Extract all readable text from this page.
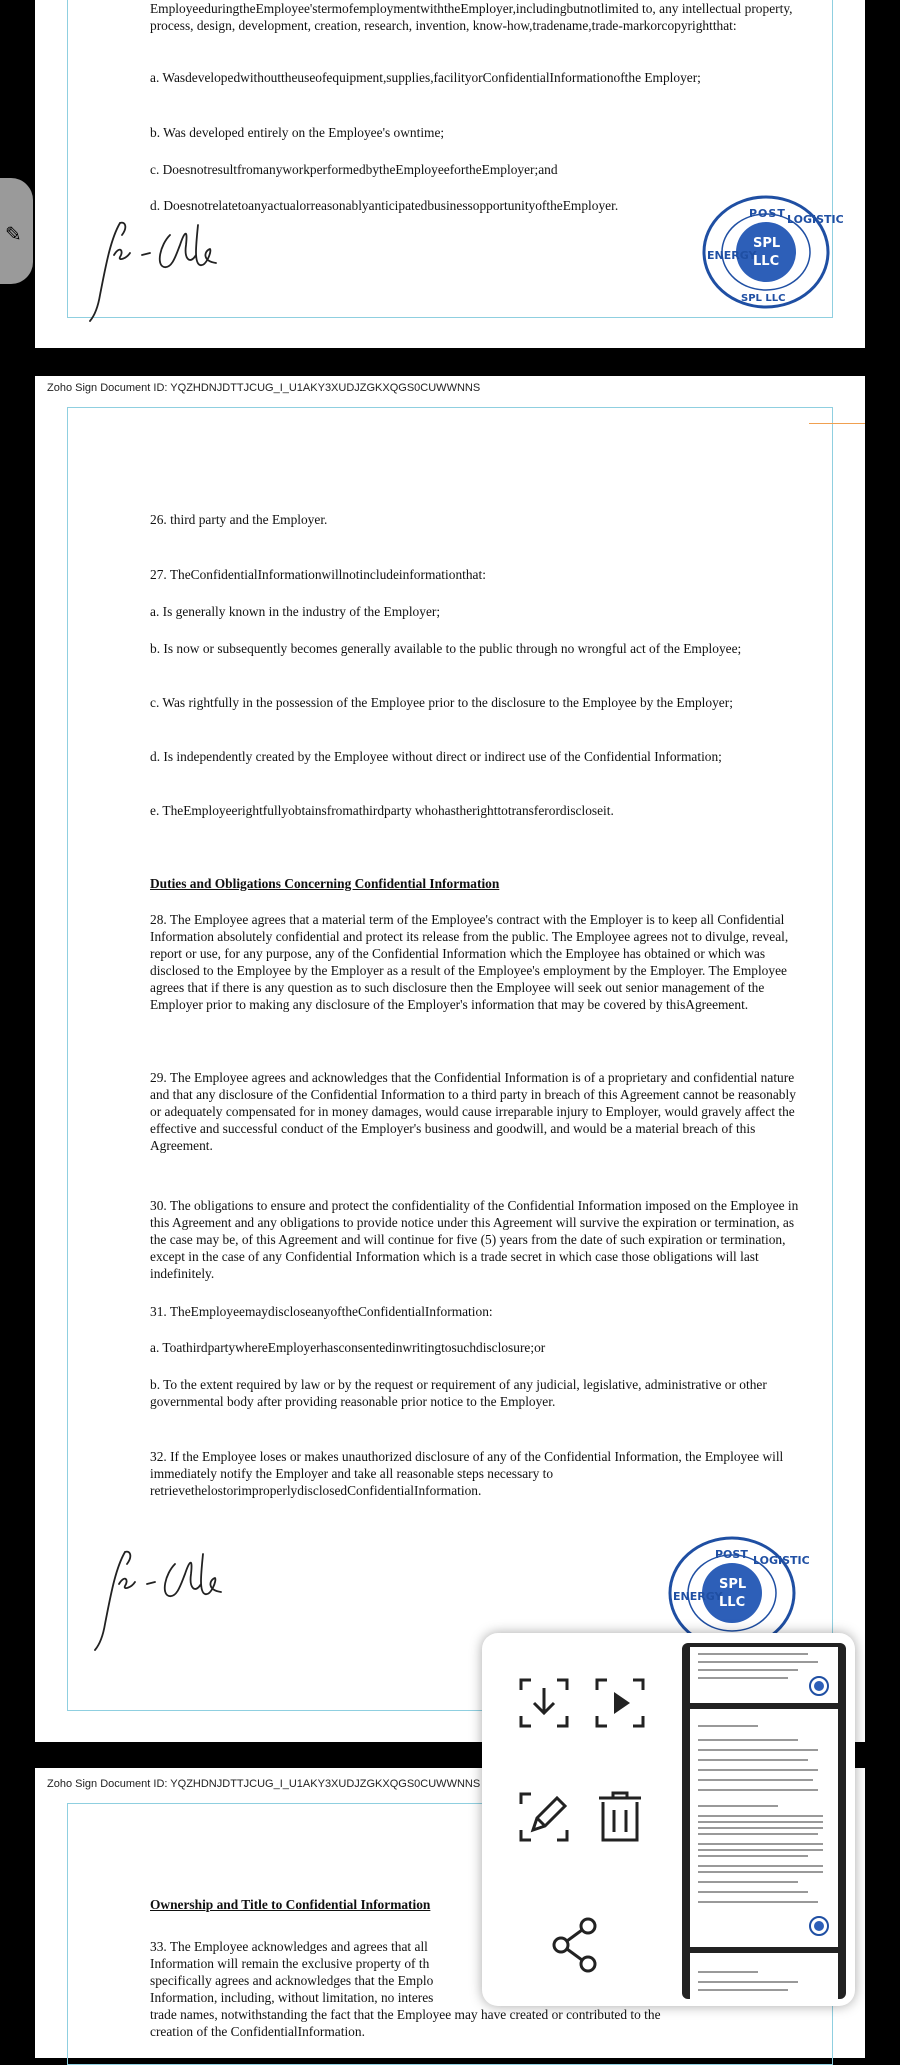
EmployeeduringtheEmployee'stermofemploymentwiththeEmployer,includingbutnotlimited to, any intellectual property, process, design, development, creation, research, invention, know-how,tradename,trade-markorcopyrightthat:

a. Wasdevelopedwithouttheuseofequipment,supplies,facilityorConfidentialInformationofthe Employer;

b. Was developed entirely on the Employee's owntime;

c. DoesnotresultfromanyworkperformedbytheEmployeefortheEmployer;and

d. DoesnotrelatetoanyactualorreasonablyanticipatedbusinessopportunityoftheEmployer.

POST LOGISTIC
ENERGY
SPL LLC
SPL
LLC
✎
Zoho Sign Document ID: YQZHDNJDTTJCUG_I_U1AKY3XUDJZGKXQGS0CUWWNNS

26. third party and the Employer.

27. TheConfidentialInformationwillnotincludeinformationthat:

a. Is generally known in the industry of the Employer;

b. Is now or subsequently becomes generally available to the public through no wrongful act of the Employee;

c. Was rightfully in the possession of the Employee prior to the disclosure to the Employee by the Employer;

d. Is independently created by the Employee without direct or indirect use of the Confidential Information;

e. TheEmployeerightfullyobtainsfromathirdparty whohastherighttotransferordiscloseit.

Duties and Obligations Concerning Confidential Information

28. The Employee agrees that a material term of the Employee's contract with the Employer is to keep all Confidential Information absolutely confidential and protect its release from the public. The Employee agrees not to divulge, reveal, report or use, for any purpose, any of the Confidential Information which the Employee has obtained or which was disclosed to the Employee by the Employer as a result of the Employee's employment by the Employer. The Employee agrees that if there is any question as to such disclosure then the Employee will seek out senior management of the Employer prior to making any disclosure of the Employer's information that may be covered by thisAgreement.

29. The Employee agrees and acknowledges that the Confidential Information is of a proprietary and confidential nature and that any disclosure of the Confidential Information to a third party in breach of this Agreement cannot be reasonably or adequately compensated for in money damages, would cause irreparable injury to Employer, would gravely affect the effective and successful conduct of the Employer's business and goodwill, and would be a material breach of this Agreement.

30. The obligations to ensure and protect the confidentiality of the Confidential Information imposed on the Employee in this Agreement and any obligations to provide notice under this Agreement will survive the expiration or termination, as the case may be, of this Agreement and will continue for five (5) years from the date of such expiration or termination, except in the case of any Confidential Information which is a trade secret in which case those obligations will last indefinitely.

31. TheEmployeemaydiscloseanyoftheConfidentialInformation:

a. ToathirdpartywhereEmployerhasconsentedinwritingtosuchdisclosure;or

b. To the extent required by law or by the request or requirement of any judicial, legislative, administrative or other governmental body after providing reasonable prior notice to the Employer.

32. If the Employee loses or makes unauthorized disclosure of any of the Confidential Information, the Employee will immediately notify the Employer and take all reasonable steps necessary to retrievethelostorimproperlydisclosedConfidentialInformation.

POST LOGISTIC
ENERGY
SPL
LLC
Zoho Sign Document ID: YQZHDNJDTTJCUG_I_U1AKY3XUDJZGKXQGS0CUWWNNS

Ownership and Title to Confidential Information

33. The Employee acknowledges and agrees that all

Information will remain the exclusive property of th

specifically agrees and acknowledges that the Emplo

Information, including, without limitation, no interes

trade names, notwithstanding the fact that the Employee may have created or contributed to the

creation of the ConfidentialInformation.
